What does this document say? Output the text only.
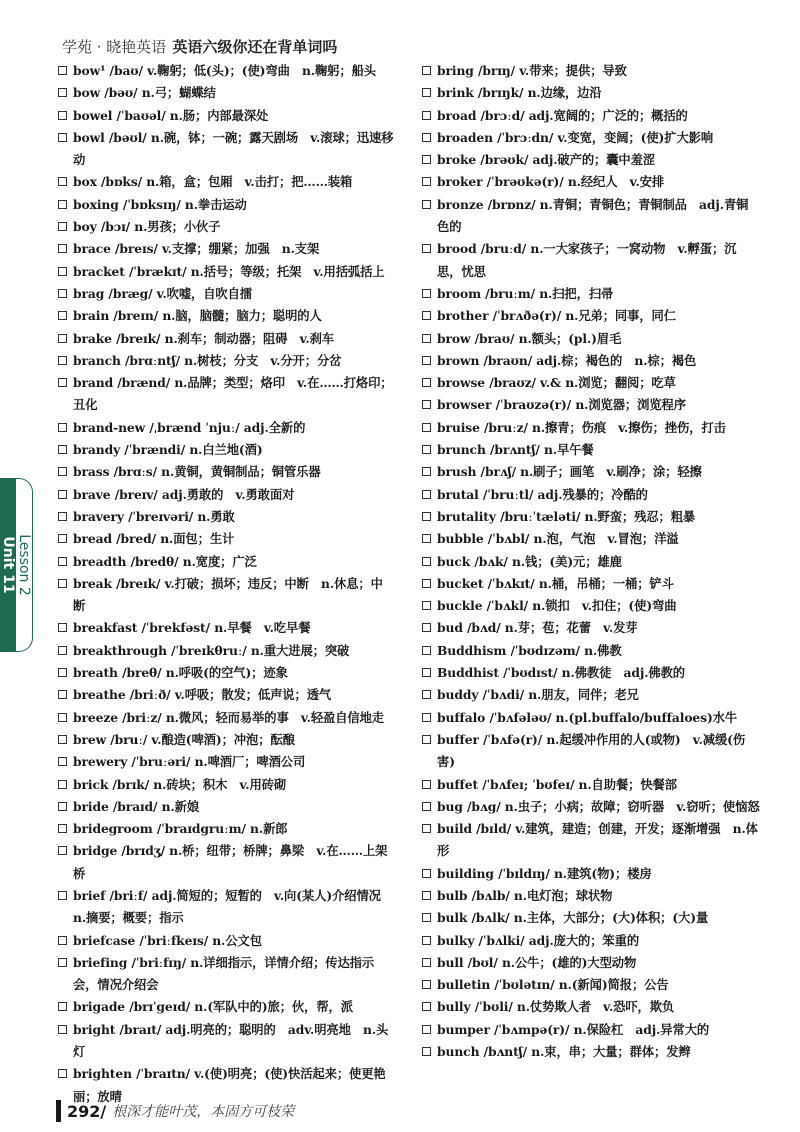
学苑 · 晓艳英语 英语六级你还在背单词吗
Unit 11 Lesson 2
bow¹ /baʊ/ v.鞠躬；低(头)；(使)弯曲　n.鞠躬；船头
bow /bəʊ/ n.弓；蝴蝶结
bowel /ˈbaʊəl/ n.肠；内部最深处
bowl /bəʊl/ n.碗，钵；一碗；露天剧场　v.滚球；迅速移动
box /bɒks/ n.箱，盒；包厢　v.击打；把……装箱
boxing /ˈbɒksɪŋ/ n.拳击运动
boy /bɔɪ/ n.男孩；小伙子
brace /breɪs/ v.支撑；绷紧；加强　n.支架
bracket /ˈbrækɪt/ n.括号；等级；托架　v.用括弧括上
brag /bræg/ v.吹嘘，自吹自擂
brain /breɪn/ n.脑，脑髓；脑力；聪明的人
brake /breɪk/ n.刹车；制动器；阻碍　v.刹车
branch /brɑːntʃ/ n.树枝；分支　v.分开；分岔
brand /brænd/ n.品牌；类型；烙印　v.在……打烙印；丑化
brand-new /ˌbrænd ˈnjuː/ adj.全新的
brandy /ˈbrændi/ n.白兰地(酒)
brass /brɑːs/ n.黄铜，黄铜制品；铜管乐器
brave /breɪv/ adj.勇敢的　v.勇敢面对
bravery /ˈbreɪvəri/ n.勇敢
bread /bred/ n.面包；生计
breadth /bredθ/ n.宽度；广泛
break /breɪk/ v.打破；损坏；违反；中断　n.休息；中断
breakfast /ˈbrekfəst/ n.早餐　v.吃早餐
breakthrough /ˈbreɪkθruː/ n.重大进展；突破
breath /breθ/ n.呼吸(的空气)；迹象
breathe /briːð/ v.呼吸；散发；低声说；透气
breeze /briːz/ n.微风；轻而易举的事　v.轻盈自信地走
brew /bruː/ v.酿造(啤酒)；冲泡；酝酿
brewery /ˈbruːəri/ n.啤酒厂；啤酒公司
brick /brɪk/ n.砖块；积木　v.用砖砌
bride /braɪd/ n.新娘
bridegroom /ˈbraɪdgruːm/ n.新郎
bridge /brɪdʒ/ n.桥；纽带；桥牌；鼻梁　v.在……上架桥
brief /briːf/ adj.简短的；短暂的　v.向(某人)介绍情况　n.摘要；概要；指示
briefcase /ˈbriːfkeɪs/ n.公文包
briefing /ˈbriːfɪŋ/ n.详细指示，详情介绍；传达指示会，情况介绍会
brigade /brɪˈgeɪd/ n.(军队中的)旅；伙，帮，派
bright /braɪt/ adj.明亮的；聪明的　adv.明亮地　n.头灯
brighten /ˈbraɪtn/ v.(使)明亮；(使)快活起来；使更艳丽；放晴
bring /brɪŋ/ v.带来；提供；导致
brink /brɪŋk/ n.边缘，边沿
broad /brɔːd/ adj.宽阔的；广泛的；概括的
broaden /ˈbrɔːdn/ v.变宽，变阔；(使)扩大影响
broke /brəʊk/ adj.破产的；囊中羞涩
broker /ˈbrəʊkə(r)/ n.经纪人　v.安排
bronze /brɒnz/ n.青铜；青铜色；青铜制品　adj.青铜色的
brood /bruːd/ n.一大家孩子；一窝动物　v.孵蛋；沉思，忧思
broom /bruːm/ n.扫把，扫帚
brother /ˈbrʌðə(r)/ n.兄弟；同事，同仁
brow /braʊ/ n.额头；(pl.)眉毛
brown /braʊn/ adj.棕；褐色的　n.棕；褐色
browse /braʊz/ v.& n.浏览；翻阅；吃草
browser /ˈbraʊzə(r)/ n.浏览器；浏览程序
bruise /bruːz/ n.擦青；伤痕　v.擦伤；挫伤，打击
brunch /brʌntʃ/ n.早午餐
brush /brʌʃ/ n.刷子；画笔　v.刷净；涂；轻擦
brutal /ˈbruːtl/ adj.残暴的；冷酷的
brutality /bruːˈtæləti/ n.野蛮；残忍；粗暴
bubble /ˈbʌbl/ n.泡，气泡　v.冒泡；洋溢
buck /bʌk/ n.钱；(美)元；雄鹿
bucket /ˈbʌkɪt/ n.桶，吊桶；一桶；铲斗
buckle /ˈbʌkl/ n.锁扣　v.扣住；(使)弯曲
bud /bʌd/ n.芽；苞；花蕾　v.发芽
Buddhism /ˈbʊdɪzəm/ n.佛教
Buddhist /ˈbʊdɪst/ n.佛教徒　adj.佛教的
buddy /ˈbʌdi/ n.朋友，同伴；老兄
buffalo /ˈbʌfələʊ/ n.(pl.buffalo/buffaloes)水牛
buffer /ˈbʌfə(r)/ n.起缓冲作用的人(或物)　v.减缓(伤害)
buffet /ˈbʌfeɪ; ˈbʊfeɪ/ n.自助餐；快餐部
bug /bʌg/ n.虫子；小病；故障；窃听器　v.窃听；使恼怒
build /bɪld/ v.建筑，建造；创建，开发；逐渐增强　n.体形
building /ˈbɪldɪŋ/ n.建筑(物)；楼房
bulb /bʌlb/ n.电灯泡；球状物
bulk /bʌlk/ n.主体，大部分；(大)体积；(大)量
bulky /ˈbʌlki/ adj.庞大的；笨重的
bull /bʊl/ n.公牛；(雄的)大型动物
bulletin /ˈbʊlətɪn/ n.(新闻)简报；公告
bully /ˈbʊli/ n.仗势欺人者　v.恐吓，欺负
bumper /ˈbʌmpə(r)/ n.保险杠　adj.异常大的
bunch /bʌntʃ/ n.束，串；大量；群体；发辫
292/ 根深才能叶茂，本固方可枝荣
